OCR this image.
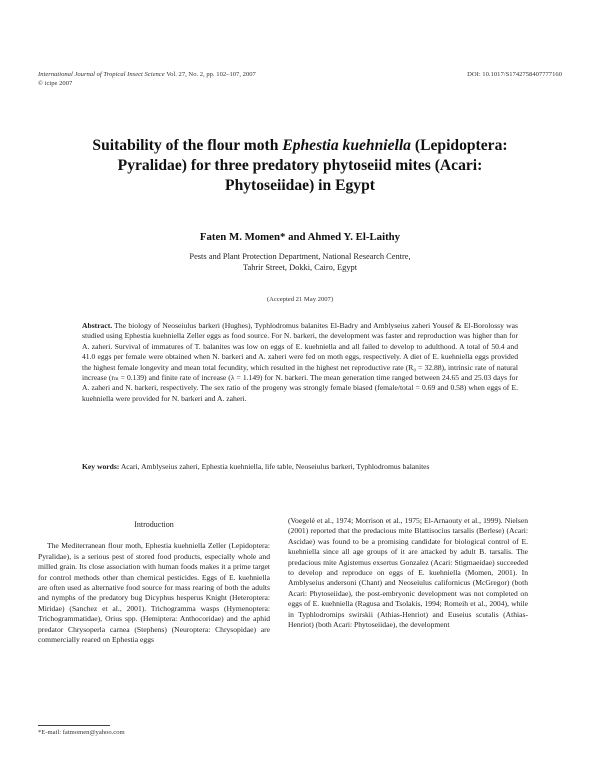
International Journal of Tropical Insect Science Vol. 27, No. 2, pp. 102–107, 2007
© icipe 2007
DOI: 10.1017/S1742758407777160
Suitability of the flour moth Ephestia kuehniella (Lepidoptera: Pyralidae) for three predatory phytoseiid mites (Acari: Phytoseiidae) in Egypt
Faten M. Momen* and Ahmed Y. El-Laithy
Pests and Plant Protection Department, National Research Centre,
Tahrir Street, Dokki, Cairo, Egypt
(Accepted 21 May 2007)
Abstract. The biology of Neoseiulus barkeri (Hughes), Typhlodromus balanites El-Badry and Amblyseius zaheri Yousef & El-Borolossy was studied using Ephestia kuehniella Zeller eggs as food source. For N. barkeri, the development was faster and reproduction was higher than for A. zaheri. Survival of immatures of T. balanites was low on eggs of E. kuehniella and all failed to develop to adulthood. A total of 50.4 and 41.0 eggs per female were obtained when N. barkeri and A. zaheri were fed on moth eggs, respectively. A diet of E. kuehniella eggs provided the highest female longevity and mean total fecundity, which resulted in the highest net reproductive rate (R₀ = 32.88), intrinsic rate of natural increase (rₘ = 0.139) and finite rate of increase (λ = 1.149) for N. barkeri. The mean generation time ranged between 24.65 and 25.03 days for A. zaheri and N. barkeri, respectively. The sex ratio of the progeny was strongly female biased (female/total = 0.69 and 0.58) when eggs of E. kuehniella were provided for N. barkeri and A. zaheri.
Key words: Acari, Amblyseius zaheri, Ephestia kuehniella, life table, Neoseiulus barkeri, Typhlodromus balanites
Introduction

The Mediterranean flour moth, Ephestia kuehniella Zeller (Lepidoptera: Pyralidae), is a serious pest of stored food products, especially whole and milled grain. Its close association with human foods makes it a prime target for control methods other than chemical pesticides. Eggs of E. kuehniella are often used as alternative food source for mass rearing of both the adults and nymphs of the predatory bug Dicyphus hesperus Knight (Heteroptera: Miridae) (Sanchez et al., 2001). Trichogramma wasps (Hymenoptera: Trichogrammatidae), Orius spp. (Hemiptera: Anthocoridae) and the aphid predator Chrysoperla carnea (Stephens) (Neuroptera: Chrysopidae) are commercially reared on Ephestia eggs

(Voegelé et al., 1974; Morrison et al., 1975; El-Arnaouty et al., 1999). Nielsen (2001) reported that the predacious mite Blattisocius tarsalis (Berlese) (Acari: Ascidae) was found to be a promising candidate for biological control of E. kuehniella since all age groups of it are attacked by adult B. tarsalis. The predacious mite Agistemus exsertus Gonzalez (Acari: Stigmaeidae) succeeded to develop and reproduce on eggs of E. kuehniella (Momen, 2001). In Amblyseius andersoni (Chant) and Neoseiulus californicus (McGregor) (both Acari: Phytoseiidae), the post-embryonic development was not completed on eggs of E. kuehniella (Ragusa and Tsolakis, 1994; Romeih et al., 2004), while in Typhlodromips swirskii (Athias-Henriot) and Euseius scutalis (Athias-Henriot) (both Acari: Phytoseiidae), the development

*E-mail: fatmomen@yahoo.com
